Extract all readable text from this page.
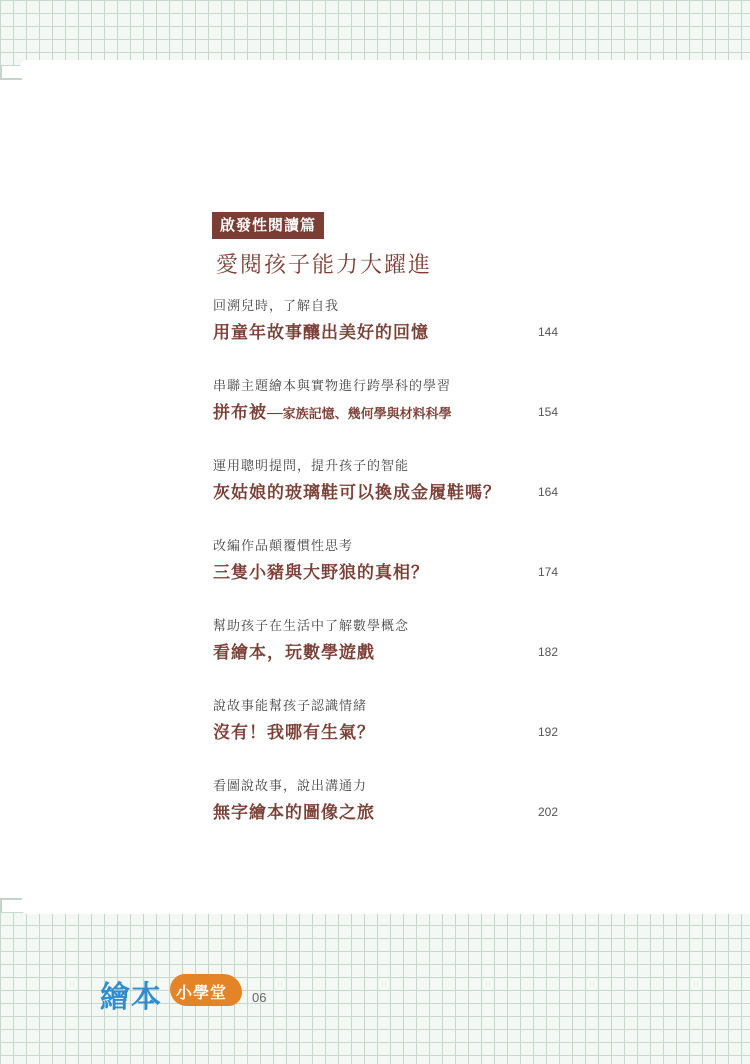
啟發性閱讀篇
愛閱孩子能力大躍進
回溯兒時，了解自我
用童年故事釀出美好的回憶	144
串聯主題繪本與實物進行跨學科的學習
拼布被──家族記憶、幾何學與材料科學	154
運用聰明提問，提升孩子的智能
灰姑娘的玻璃鞋可以換成金履鞋嗎？	164
改編作品顛覆慣性思考
三隻小豬與大野狼的真相？	174
幫助孩子在生活中了解數學概念
看繪本，玩數學遊戲	182
說故事能幫孩子認識情緒
沒有！我哪有生氣？	192
看圖說故事，說出溝通力
無字繪本的圖像之旅	202
繪本 小學堂 06
